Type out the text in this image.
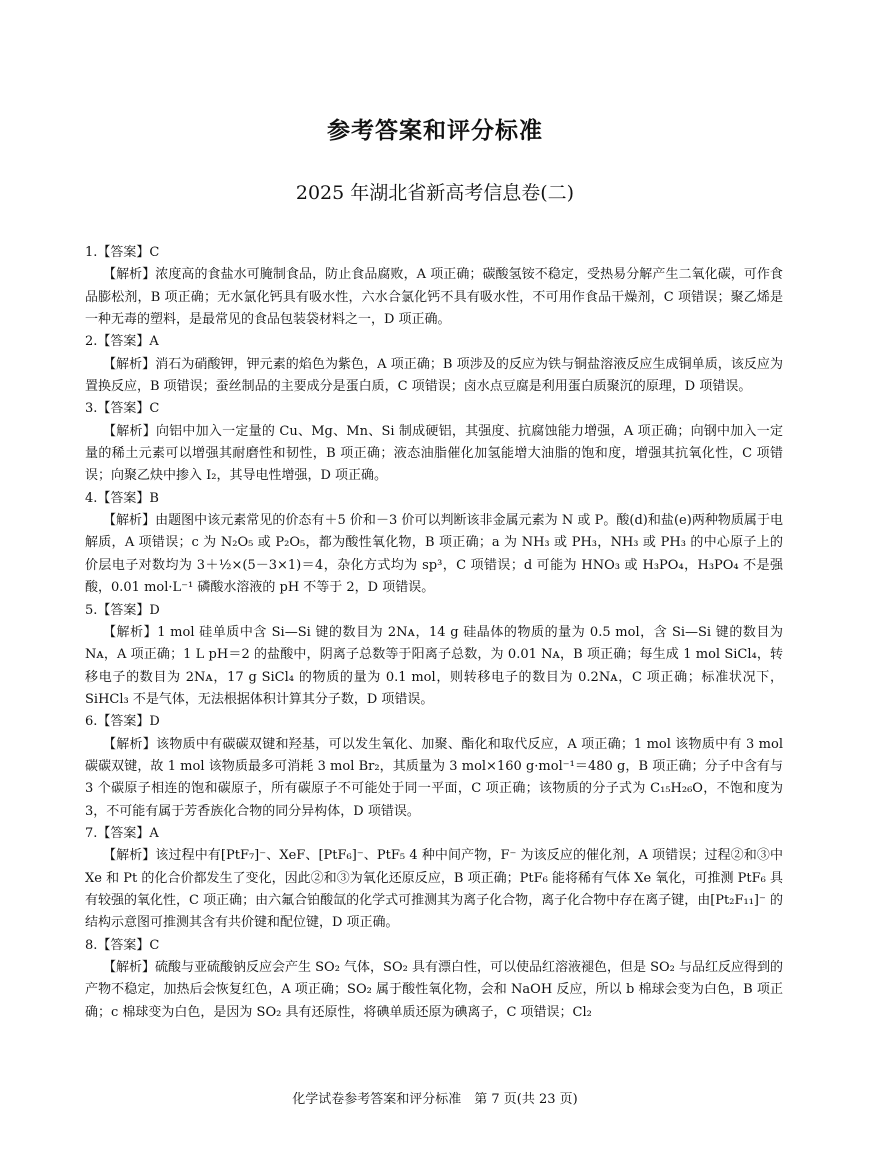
参考答案和评分标准
2025 年湖北省新高考信息卷(二)
1.【答案】C
【解析】浓度高的食盐水可腌制食品，防止食品腐败，A 项正确；碳酸氢铵不稳定，受热易分解产生二氧化碳，可作食品膨松剂，B 项正确；无水氯化钙具有吸水性，六水合氯化钙不具有吸水性，不可用作食品干燥剂，C 项错误；聚乙烯是一种无毒的塑料，是最常见的食品包装袋材料之一，D 项正确。
2.【答案】A
【解析】消石为硝酸钾，钾元素的焰色为紫色，A 项正确；B 项涉及的反应为铁与铜盐溶液反应生成铜单质，该反应为置换反应，B 项错误；蚕丝制品的主要成分是蛋白质，C 项错误；卤水点豆腐是利用蛋白质聚沉的原理，D 项错误。
3.【答案】C
【解析】向铝中加入一定量的 Cu、Mg、Mn、Si 制成硬铝，其强度、抗腐蚀能力增强，A 项正确；向钢中加入一定量的稀土元素可以增强其耐磨性和韧性，B 项正确；液态油脂催化加氢能增大油脂的饱和度，增强其抗氧化性，C 项错误；向聚乙炔中掺入 I₂，其导电性增强，D 项正确。
4.【答案】B
【解析】由题图中该元素常见的价态有＋5 价和－3 价可以判断该非金属元素为 N 或 P。酸(d)和盐(e)两种物质属于电解质，A 项错误；c 为 N₂O₅ 或 P₂O₅，都为酸性氧化物，B 项正确；a 为 NH₃ 或 PH₃，NH₃ 或 PH₃ 的中心原子上的价层电子对数均为 3＋½×(5－3×1)＝4，杂化方式均为 sp³，C 项错误；d 可能为 HNO₃ 或 H₃PO₄，H₃PO₄ 不是强酸，0.01 mol·L⁻¹ 磷酸水溶液的 pH 不等于 2，D 项错误。
5.【答案】D
【解析】1 mol 硅单质中含 Si—Si 键的数目为 2Nᴀ，14 g 硅晶体的物质的量为 0.5 mol，含 Si—Si 键的数目为 Nᴀ，A 项正确；1 L pH＝2 的盐酸中，阴离子总数等于阳离子总数，为 0.01 Nᴀ，B 项正确；每生成 1 mol SiCl₄，转移电子的数目为 2Nᴀ，17 g SiCl₄ 的物质的量为 0.1 mol，则转移电子的数目为 0.2Nᴀ，C 项正确；标准状况下，SiHCl₃ 不是气体，无法根据体积计算其分子数，D 项错误。
6.【答案】D
【解析】该物质中有碳碳双键和羟基，可以发生氧化、加聚、酯化和取代反应，A 项正确；1 mol 该物质中有 3 mol 碳碳双键，故 1 mol 该物质最多可消耗 3 mol Br₂，其质量为 3 mol×160 g·mol⁻¹＝480 g，B 项正确；分子中含有与 3 个碳原子相连的饱和碳原子，所有碳原子不可能处于同一平面，C 项正确；该物质的分子式为 C₁₅H₂₆O，不饱和度为 3，不可能有属于芳香族化合物的同分异构体，D 项错误。
7.【答案】A
【解析】该过程中有[PtF₇]⁻、XeF、[PtF₆]⁻、PtF₅ 4 种中间产物，F⁻ 为该反应的催化剂，A 项错误；过程②和③中 Xe 和 Pt 的化合价都发生了变化，因此②和③为氧化还原反应，B 项正确；PtF₆ 能将稀有气体 Xe 氧化，可推测 PtF₆ 具有较强的氧化性，C 项正确；由六氟合铂酸氙的化学式可推测其为离子化合物，离子化合物中存在离子键，由[Pt₂F₁₁]⁻ 的结构示意图可推测其含有共价键和配位键，D 项正确。
8.【答案】C
【解析】硫酸与亚硫酸钠反应会产生 SO₂ 气体，SO₂ 具有漂白性，可以使品红溶液褪色，但是 SO₂ 与品红反应得到的产物不稳定，加热后会恢复红色，A 项正确；SO₂ 属于酸性氧化物，会和 NaOH 反应，所以 b 棉球会变为白色，B 项正确；c 棉球变为白色，是因为 SO₂ 具有还原性，将碘单质还原为碘离子，C 项错误；Cl₂
化学试卷参考答案和评分标准　第 7 页(共 23 页)
